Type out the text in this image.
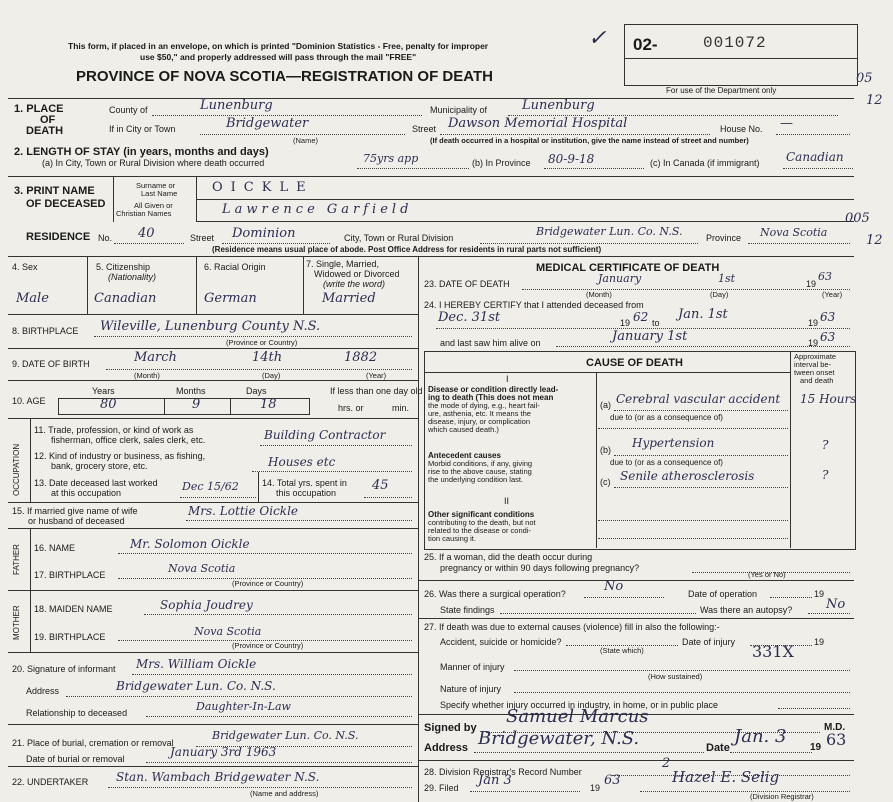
This form, if placed in an envelope, on which is printed "Dominion Statistics - Free, penalty for improper
use $50," and properly addressed will pass through the mail "FREE"
✓ 02-	001072
PROVINCE OF NOVA SCOTIA—REGISTRATION OF DEATH
For use of the Department only
05
12
1. PLACE
OF
DEATH
County of	Lunenburg	Municipality of	Lunenburg
If in City or Town	Bridgewater
(Name)
Street Dawson Memorial Hospital	House No. —
(If death occurred in a hospital or institution, give the name instead of street and number)
2. LENGTH OF STAY (in years, months and days)
(a) In City, Town or Rural Division where death occurred	75yrs app	(b) In Province 80-9-18	(c) In Canada (if immigrant) Canadian
3. PRINT NAME
OF DECEASED
Surname or
Last Name
All Given or
Christian Names
OICKLE
Lawrence Garfield
RESIDENCE No. 40	Street Dominion	City, Town or Rural Division	Bridgewater Lun. Co. N.S.	Province Nova Scotia
005
12
(Residence means usual place of abode. Post Office Address for residents in rural parts not sufficient)
4. Sex	5. Citizenship
(Nationality)
6. Racial Origin	7. Single, Married,
Widowed or Divorced
(write the word)
Male	Canadian	German	Married
8. BIRTHPLACE Wileville, Lunenburg County N.S.
(Province or Country)
9. DATE OF BIRTH	March	14th	1882
(Month)	(Day)	(Year)
10. AGE
Years	Months	Days	If less than one day old
80	9	18	hrs. or	min.
OCCUPATION
11. Trade, profession, or kind of work as
fisherman, office clerk, sales clerk, etc.	Building Contractor
12. Kind of industry or business, as fishing,
bank, grocery store, etc.	Houses etc
13. Date deceased last worked
at this occupation	Dec 15/62	14. Total yrs. spent in
this occupation	45
15. If married give name of wife
or husband of deceased
Mrs. Lottie Oickle
FATHER 16. NAME	Mr. Solomon Oickle
17. BIRTHPLACE	Nova Scotia
(Province or Country)
MOTHER 18. MAIDEN NAME	Sophia Joudrey
19. BIRTHPLACE	Nova Scotia
(Province or Country)
20. Signature of informant Mrs. William Oickle
Address	Bridgewater Lun. Co. N.S.
Relationship to deceased	Daughter-In-Law
21. Place of burial, cremation or removal
Bridgewater Lun. Co. N.S.
Date of burial or removal	January 3rd 1963
22. UNDERTAKER Stan. Wambach Bridgewater N.S.
(Name and address)
MEDICAL CERTIFICATE OF DEATH
23. DATE OF DEATH	January	1st	19
63
(Month)	(Day)	(Year)
24. I HEREBY CERTIFY that I attended deceased from
Dec. 31st	19 62 to
Jan. 1st
19 63
and last saw him alive on	January 1st	19 63
CAUSE OF DEATH
Approximate
interval be-
tween onset
and death
I
Disease or condition directly lead-
ing to death (This does not mean
the mode of dying, e.g., heart fail-
ure, asthenia, etc. It means the
disease, injury, or complication
which caused death.)
(a) Cerebral vascular accident 15 Hours
due to (or as a consequence of)
Antecedent causes
Morbid conditions, if any, giving
rise to the above cause, stating
the underlying condition last.
(b) Hypertension	?
due to (or as a consequence of)
(c) Senile atherosclerosis	?
II
Other significant conditions
contributing to the death, but not
related to the disease or condi-
tion causing it.
25. If a woman, did the death occur during
pregnancy or within 90 days following pregnancy?
(Yes or No)
26. Was there a surgical operation?	No	Date of operation	19
State findings	Was there an autopsy?	No
27. If death was due to external causes (violence) fill in also the following:-
Accident, suicide or homicide?	Date of injury	19
(State which)	331X
Manner of injury
(How sustained)
Nature of injury
Specify whether injury occurred in industry, in home, or in public place
Signed by
Samuel Marcus
M.D.
Address Bridgewater, N.S.	Date
Jan. 3
19 63
28. Division Registrar's Record Number
2
29. Filed Jan 3	19 63	Hazel E. Selig
(Division Registrar)
